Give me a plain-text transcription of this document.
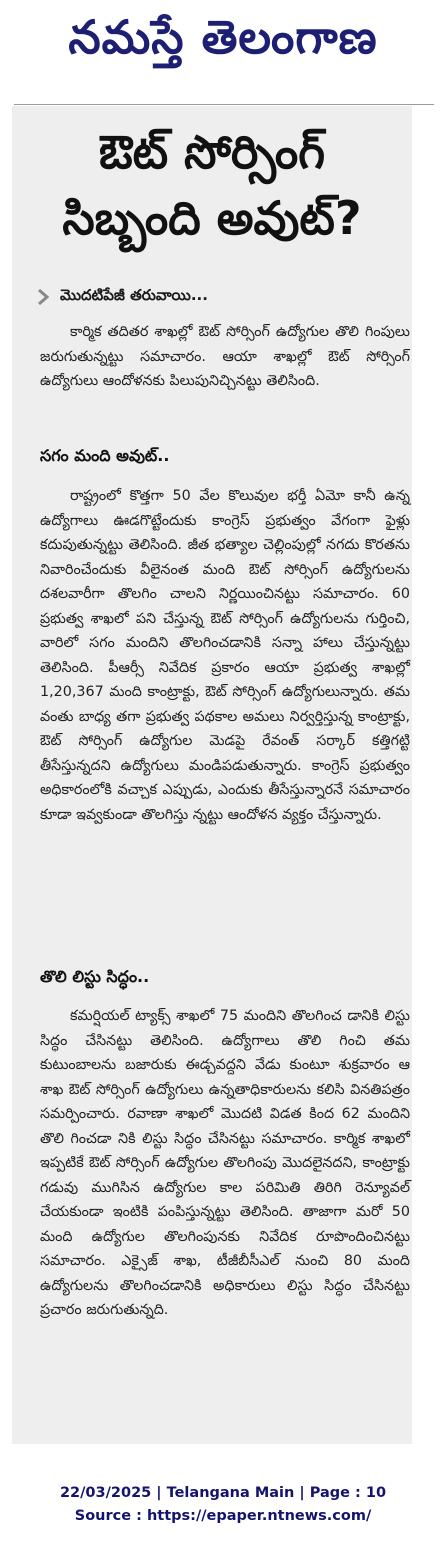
నమస్తే తెలంగాణ
ఔట్ సోర్సింగ్
సిబ్బంది అవుట్?
మొదటిపేజీ తరువాయి...

కార్మిక తదితర శాఖల్లో ఔట్ సోర్సింగ్ ఉద్యోగుల తొలి గింపులు జరుగుతున్నట్టు సమాచారం. ఆయా శాఖల్లో ఔట్ సోర్సింగ్ ఉద్యోగులు ఆందోళనకు పిలుపునిచ్చినట్టు తెలిసింది.

సగం మంది అవుట్..

రాష్ట్రంలో కొత్తగా 50 వేల కొలువుల భర్తీ ఏమో కానీ ఉన్న ఉద్యోగాలు ఊడగొట్టేందుకు కాంగ్రెస్ ప్రభుత్వం వేగంగా ఫైళ్లు కదుపుతున్నట్టు తెలిసింది. జీత భత్యాల చెల్లింపుల్లో నగదు కొరతను నివారించేందుకు వీలైనంత మంది ఔట్ సోర్సింగ్ ఉద్యోగులను దశలవారీగా తొలగిం చాలని నిర్ణయించినట్టు సమాచారం. 60 ప్రభుత్వ శాఖలో పని చేస్తున్న ఔట్ సోర్సింగ్ ఉద్యోగులను గుర్తించి, వారిలో సగం మందిని తొలగించడానికి సన్నా హాలు చేస్తున్నట్టు తెలిసింది. పీఆర్సీ నివేదిక ప్రకారం ఆయా ప్రభుత్వ శాఖల్లో 1,20,367 మంది కాంట్రాక్టు, ఔట్ సోర్సింగ్ ఉద్యోగులున్నారు. తమ వంతు బాధ్య తగా ప్రభుత్వ పథకాల అమలు నిర్వర్తిస్తున్న కాంట్రాక్టు, ఔట్ సోర్సింగ్ ఉద్యోగుల మెడపై రేవంత్ సర్కార్ కత్తిగట్టి తీసేస్తున్నదని ఉద్యోగులు మండిపడుతున్నారు. కాంగ్రెస్ ప్రభుత్వం అధికారంలోకి వచ్చాక ఎప్పుడు, ఎందుకు తీసేస్తున్నారనే సమాచారం కూడా ఇవ్వకుండా తొలగిస్తు న్నట్టు ఆందోళన వ్యక్తం చేస్తున్నారు.

తొలి లిస్టు సిద్ధం..

కమర్షియల్ ట్యాక్స్ శాఖలో 75 మందిని తొలగించ డానికి లిస్టు సిద్ధం చేసినట్టు తెలిసింది. ఉద్యోగాలు తొలి గించి తమ కుటుంబాలను బజారుకు ఈడ్చవద్దని వేడు కుంటూ శుక్రవారం ఆ శాఖ ఔట్ సోర్సింగ్ ఉద్యోగులు ఉన్నతాధికారులను కలిసి వినతిపత్రం సమర్పించారు. రవాణా శాఖలో మొదటి విడత కింద 62 మందిని తొలి గించడా నికి లిస్టు సిద్ధం చేసినట్టు సమాచారం. కార్మిక శాఖలో ఇప్పటికే ఔట్ సోర్సింగ్ ఉద్యోగుల తొలగింపు మొదలైనదని, కాంట్రాక్టు గడువు ముగిసిన ఉద్యోగుల కాల పరిమితి తిరిగి రెన్యూవల్ చేయకుండా ఇంటికి పంపిస్తున్నట్టు తెలిసింది. తాజాగా మరో 50 మంది ఉద్యోగుల తొలగింపునకు నివేదిక రూపొందించినట్టు సమాచారం. ఎక్సైజ్ శాఖ, టీజీబీసీఎల్ నుంచి 80 మంది ఉద్యోగులను తొలగించడానికి అధికారులు లిస్టు సిద్ధం చేసినట్టు ప్రచారం జరుగుతున్నది.

22/03/2025 | Telangana Main | Page : 10
Source : https://epaper.ntnews.com/
